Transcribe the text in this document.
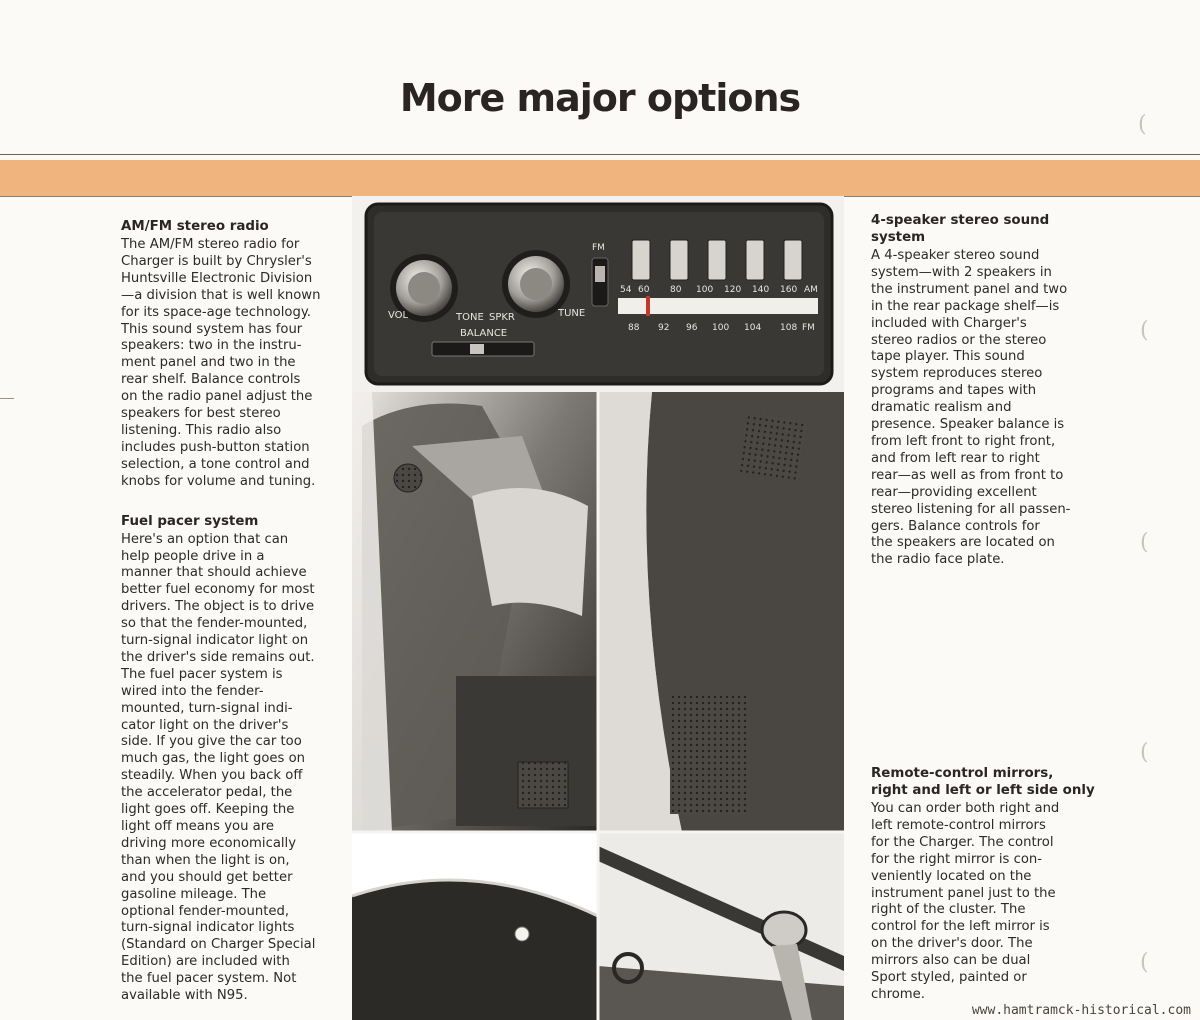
More major options
AM/FM stereo radio

The AM/FM stereo radio for
Charger is built by Chrysler's
Huntsville Electronic Division
—a division that is well known
for its space-age technology.
This sound system has four
speakers: two in the instru-
ment panel and two in the
rear shelf. Balance controls
on the radio panel adjust the
speakers for best stereo
listening. This radio also
includes push-button station
selection, a tone control and
knobs for volume and tuning.

Fuel pacer system

Here's an option that can
help people drive in a
manner that should achieve
better fuel economy for most
drivers. The object is to drive
so that the fender-mounted,
turn-signal indicator light on
the driver's side remains out.
The fuel pacer system is
wired into the fender-
mounted, turn-signal indi-
cator light on the driver's
side. If you give the car too
much gas, the light goes on
steadily. When you back off
the accelerator pedal, the
light goes off. Keeping the
light off means you are
driving more economically
than when the light is on,
and you should get better
gasoline mileage. The
optional fender-mounted,
turn-signal indicator lights
(Standard on Charger Special
Edition) are included with
the fuel pacer system. Not
available with N95.

4-speaker stereo sound
system

A 4-speaker stereo sound
system—with 2 speakers in
the instrument panel and two
in the rear package shelf—is
included with Charger's
stereo radios or the stereo
tape player. This sound
system reproduces stereo
programs and tapes with
dramatic realism and
presence. Speaker balance is
from left front to right front,
and from left rear to right
rear—as well as from front to
rear—providing excellent
stereo listening for all passen-
gers. Balance controls for
the speakers are located on
the radio face plate.

Remote-control mirrors,
right and left or left side only

You can order both right and
left remote-control mirrors
for the Charger. The control
for the right mirror is con-
veniently located on the
instrument panel just to the
right of the cluster. The
control for the left mirror is
on the driver's door. The
mirrors also can be dual
Sport styled, painted or
chrome.

VOL	TONE SPKR	TUNE
BALANCE
FM
54 60 80 100 120 140 160 AM
88 92 96 100 104 108 FM
(
(
(
(
(
www.hamtramck-historical.com
